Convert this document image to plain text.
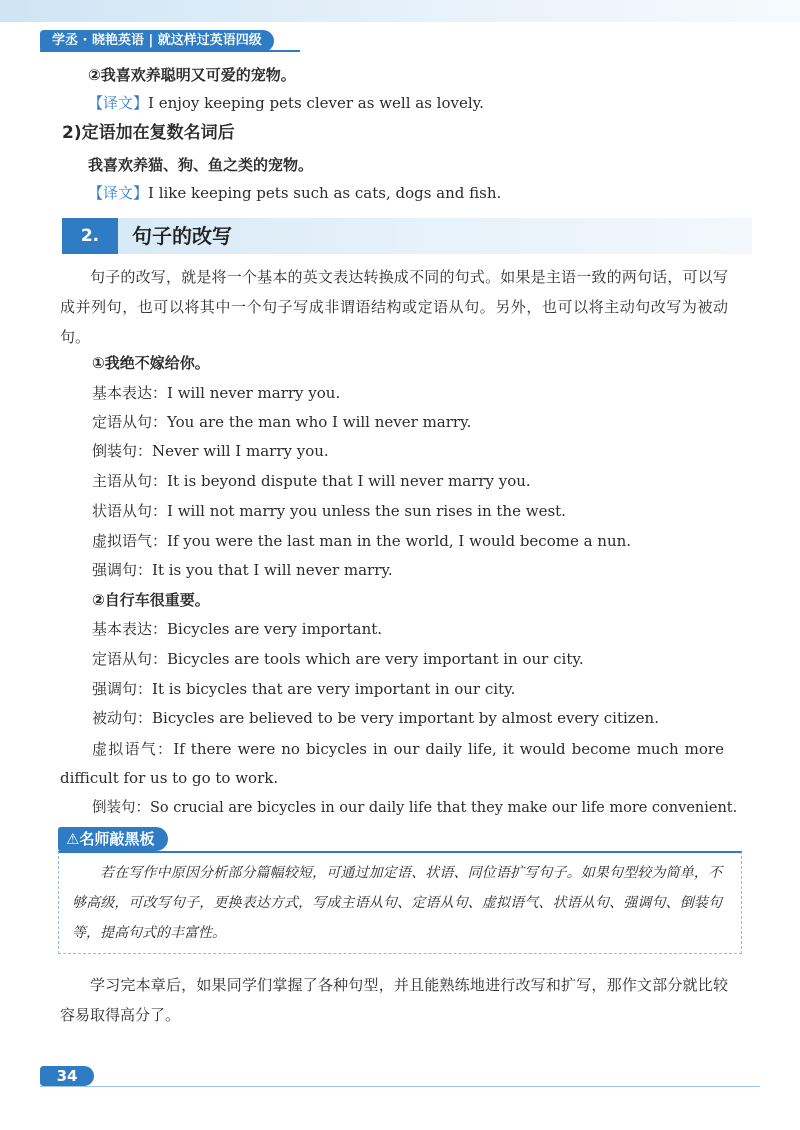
学丞 · 晓艳英语 | 就这样过英语四级
②我喜欢养聪明又可爱的宠物。
【译文】I enjoy keeping pets clever as well as lovely.
2)定语加在复数名词后
我喜欢养猫、狗、鱼之类的宠物。
【译文】I like keeping pets such as cats, dogs and fish.
2.	句子的改写
句子的改写，就是将一个基本的英文表达转换成不同的句式。如果是主语一致的两句话，可以写成并列句，也可以将其中一个句子写成非谓语结构或定语从句。另外，也可以将主动句改写为被动句。
①我绝不嫁给你。
基本表达：I will never marry you.
定语从句：You are the man who I will never marry.
倒装句：Never will I marry you.
主语从句：It is beyond dispute that I will never marry you.
状语从句：I will not marry you unless the sun rises in the west.
虚拟语气：If you were the last man in the world, I would become a nun.
强调句：It is you that I will never marry.
②自行车很重要。
基本表达：Bicycles are very important.
定语从句：Bicycles are tools which are very important in our city.
强调句：It is bicycles that are very important in our city.
被动句：Bicycles are believed to be very important by almost every citizen.
虚拟语气：If there were no bicycles in our daily life, it would become much more difficult for us to go to work.
倒装句：So crucial are bicycles in our daily life that they make our life more convenient.
⚠名师敲黑板
若在写作中原因分析部分篇幅较短，可通过加定语、状语、同位语扩写句子。如果句型较为简单，不够高级，可改写句子，更换表达方式，写成主语从句、定语从句、虚拟语气、状语从句、强调句、倒装句等，提高句式的丰富性。
学习完本章后，如果同学们掌握了各种句型，并且能熟练地进行改写和扩写，那作文部分就比较容易取得高分了。
34
